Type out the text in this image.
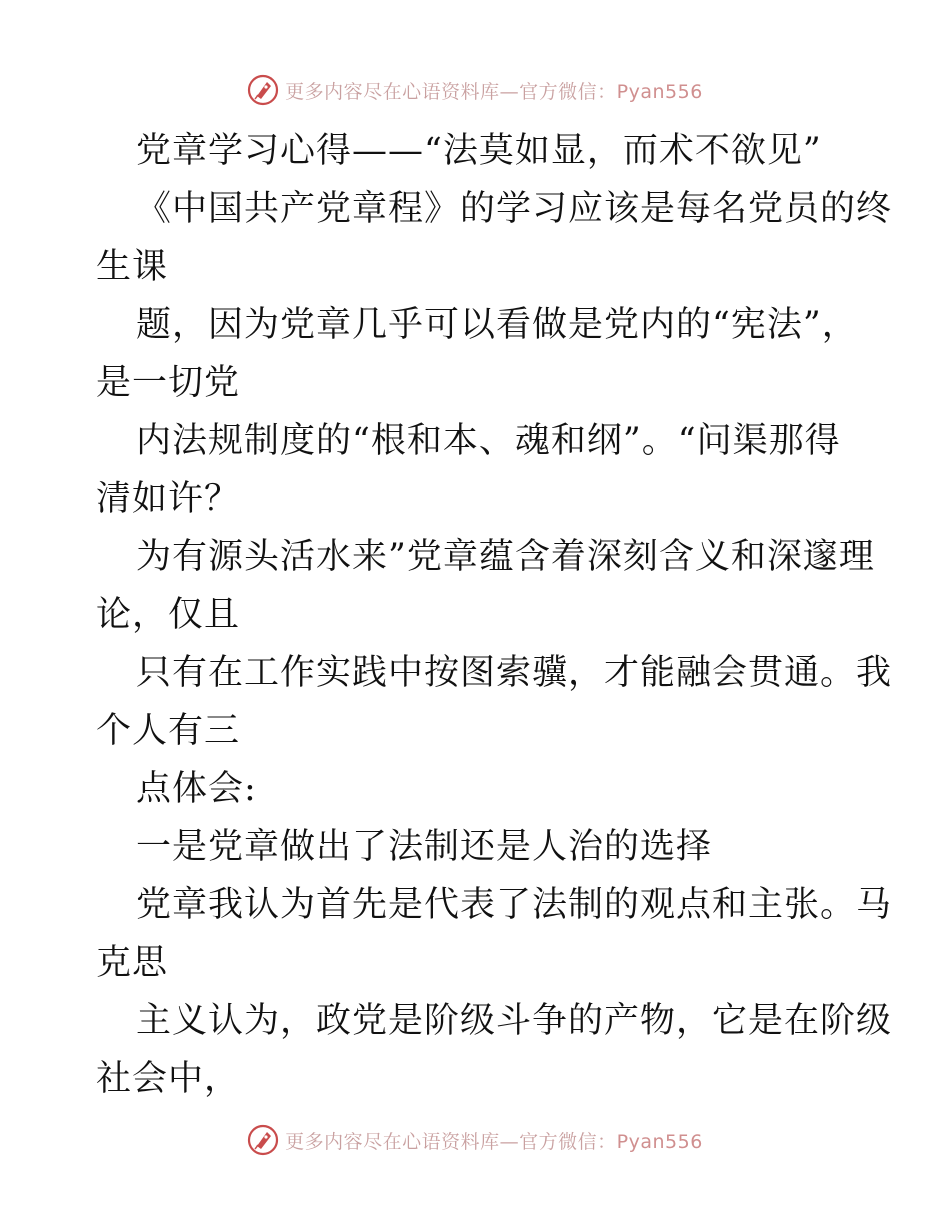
更多内容尽在心语资料库—官方微信：Pyan556
党章学习心得——“法莫如显，而术不欲见”
《中国共产党章程》的学习应该是每名党员的终
生课
题，因为党章几乎可以看做是党内的“宪法”，
是一切党
内法规制度的“根和本、魂和纲”。“问渠那得
清如许？
为有源头活水来”党章蕴含着深刻含义和深邃理
论，仅且
只有在工作实践中按图索骥，才能融会贯通。我
个人有三
点体会:
一是党章做出了法制还是人治的选择
党章我认为首先是代表了法制的观点和主张。马
克思
主义认为，政党是阶级斗争的产物，它是在阶级
社会中，
更多内容尽在心语资料库—官方微信：Pyan556
